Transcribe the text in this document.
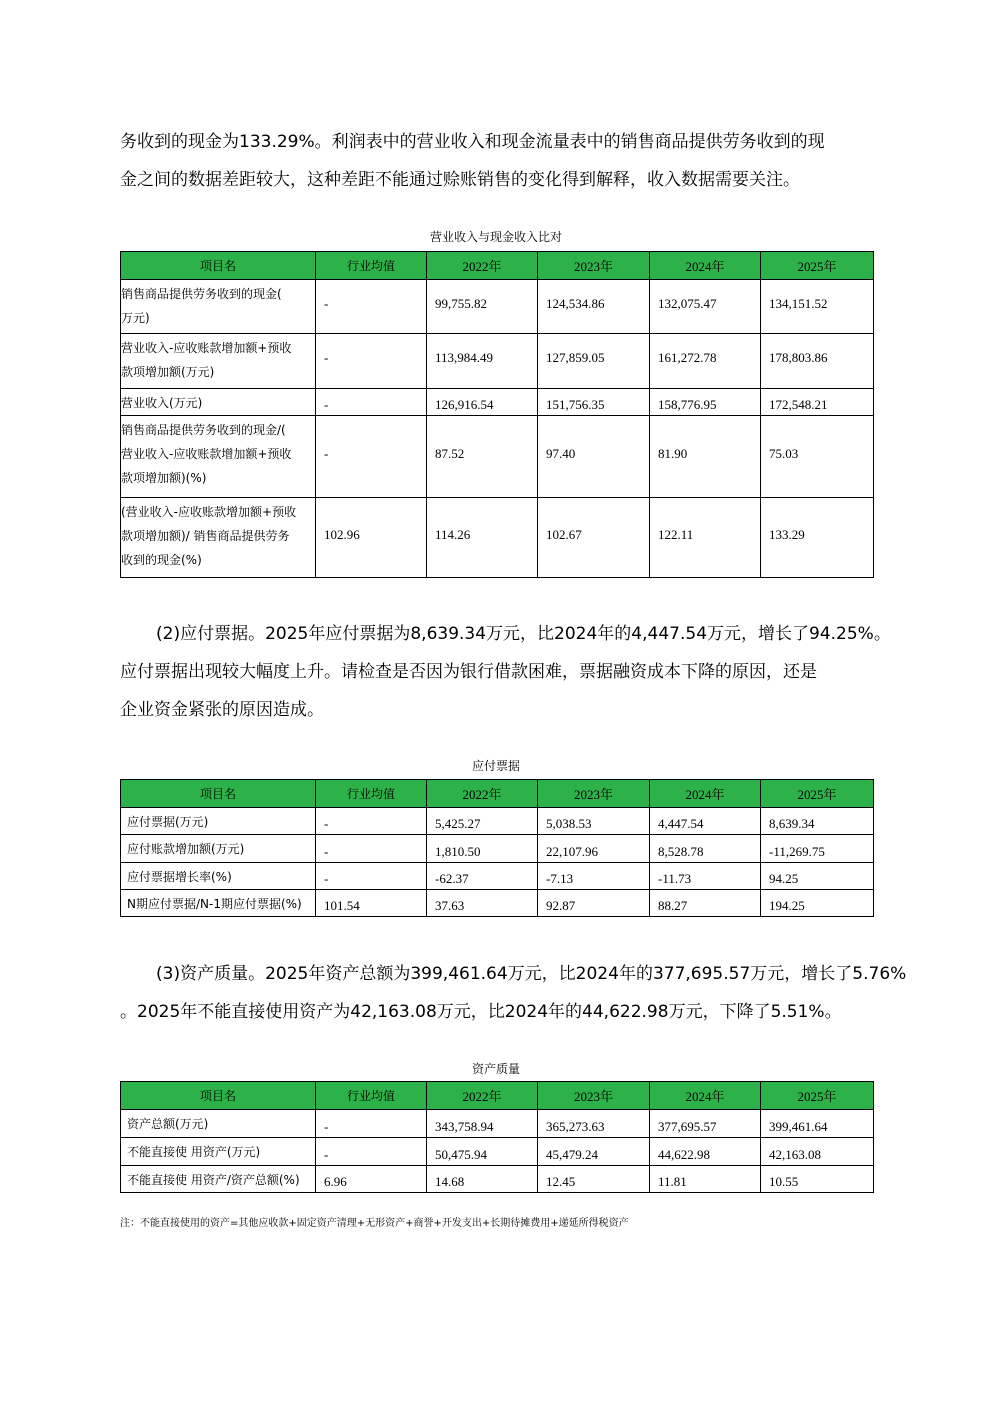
务收到的现金为133.29%。利润表中的营业收入和现金流量表中的销售商品提供劳务收到的现

金之间的数据差距较大，这种差距不能通过赊账销售的变化得到解释，收入数据需要关注。

营业收入与现金收入比对

项目名	行业均值	2022年	2023年	2024年	2025年

销售商品提供劳务收到的现金(
万元)	-	99,755.82	124,534.86	132,075.47	134,151.52

营业收入-应收账款增加额+预收
款项增加额(万元)	-	113,984.49	127,859.05	161,272.78	178,803.86

营业收入(万元)	-	126,916.54	151,756.35	158,776.95	172,548.21

销售商品提供劳务收到的现金/(
营业收入-应收账款增加额+预收
款项增加额)(%)	-	87.52	97.40	81.90	75.03

(营业收入-应收账款增加额+预收
款项增加额)/ 销售商品提供劳务
收到的现金(%)	102.96	114.26	102.67	122.11	133.29

(2)应付票据。2025年应付票据为8,639.34万元，比2024年的4,447.54万元，增长了94.25%。

应付票据出现较大幅度上升。请检查是否因为银行借款困难，票据融资成本下降的原因，还是

企业资金紧张的原因造成。

应付票据

项目名	行业均值	2022年	2023年	2024年	2025年
应付票据(万元)	-	5,425.27	5,038.53	4,447.54	8,639.34
应付账款增加额(万元)	-	1,810.50	22,107.96	8,528.78	-11,269.75
应付票据增长率(%)	-	-62.37	-7.13	-11.73	94.25
N期应付票据/N-1期应付票据(%)	101.54	37.63	92.87	88.27	194.25

(3)资产质量。2025年资产总额为399,461.64万元，比2024年的377,695.57万元，增长了5.76%

。2025年不能直接使用资产为42,163.08万元，比2024年的44,622.98万元，下降了5.51%。

资产质量

项目名	行业均值	2022年	2023年	2024年	2025年
资产总额(万元)	-	343,758.94	365,273.63	377,695.57	399,461.64
不能直接使 用资产(万元)	-	50,475.94	45,479.24	44,622.98	42,163.08
不能直接使 用资产/资产总额(%)	6.96	14.68	12.45	11.81	10.55

注：不能直接使用的资产=其他应收款+固定资产清理+无形资产+商誉+开发支出+长期待摊费用+递延所得税资产
